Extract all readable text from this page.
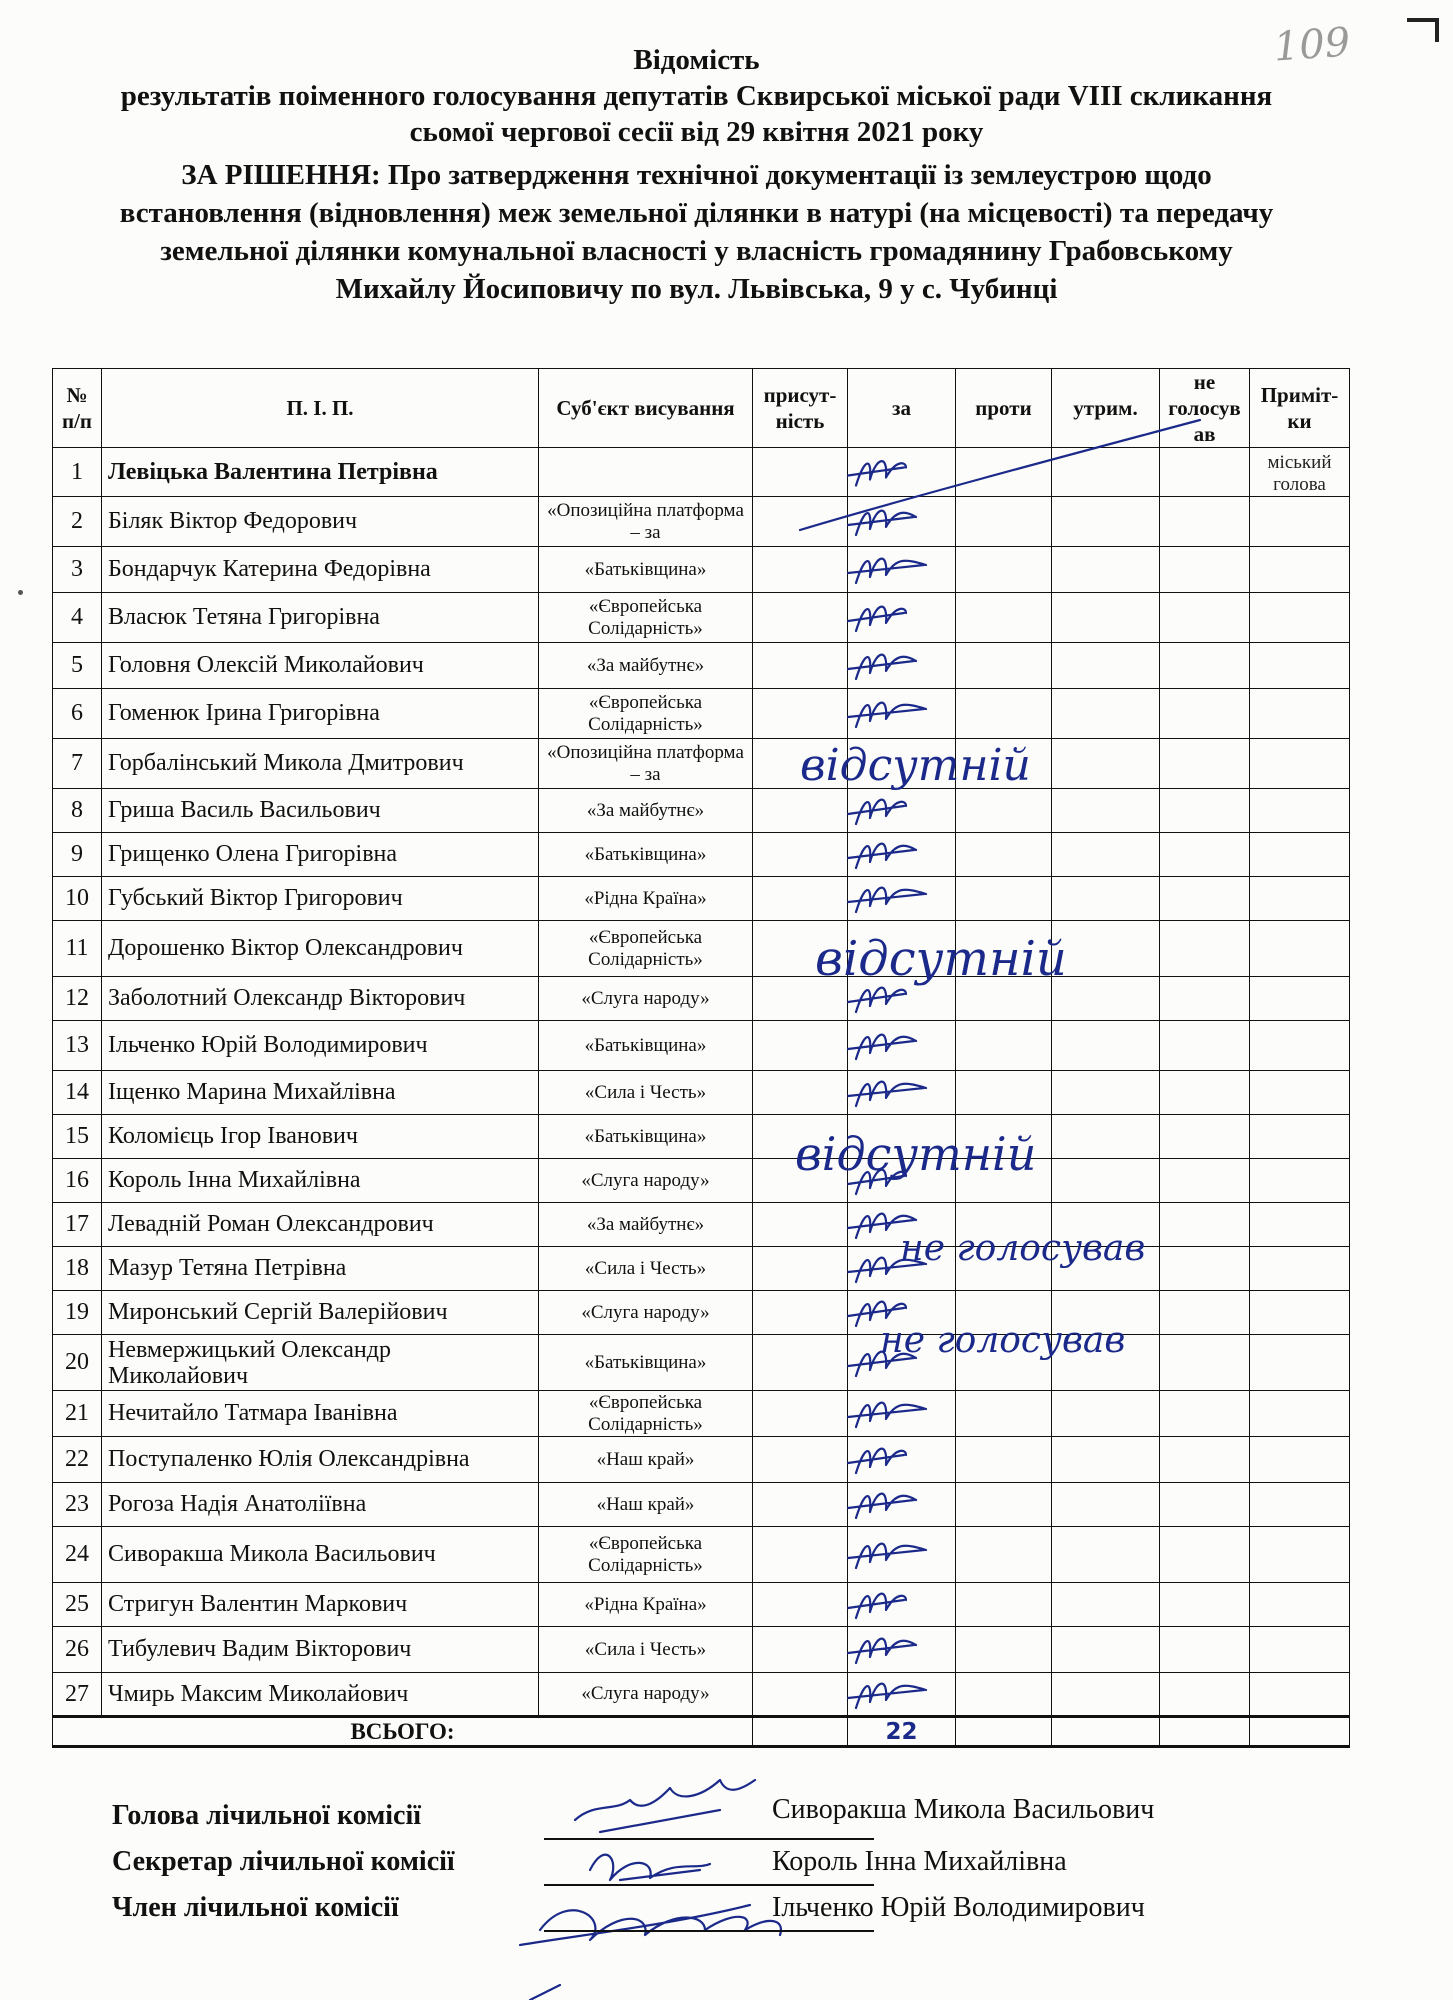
109
Відомість
результатів поіменного голосування депутатів Сквирської міської ради VIII скликання
сьомої чергової сесії від 29 квітня 2021 року
ЗА РІШЕННЯ: Про затвердження технічної документації із землеустрою щодо
встановлення (відновлення) меж земельної ділянки в натурі (на місцевості) та передачу
земельної ділянки комунальної власності у власність громадянину Грабовському
Михайлу Йосиповичу по вул. Львівська, 9 у с. Чубинці
№ п/п	П. І. П.	Суб'єкт висування	присут-ність	за	проти	утрим.	не голосув ав	Приміт-ки
1	Левіцька Валентина Петрівна							міський голова
2	Біляк Віктор Федорович	«Опозиційна платформа – за						
3	Бондарчук Катерина Федорівна	«Батьківщина»						
4	Власюк Тетяна Григорівна	«Європейська Солідарність»						
5	Головня Олексій Миколайович	«За майбутнє»						
6	Гоменюк Ірина Григорівна	«Європейська Солідарність»						
7	Горбалінський Микола Дмитрович	«Опозиційна платформа – за						
8	Гриша Василь Васильович	«За майбутнє»						
9	Грищенко Олена Григорівна	«Батьківщина»						
10	Губський Віктор Григорович	«Рідна Країна»						
11	Дорошенко Віктор Олександрович	«Європейська Солідарність»						
12	Заболотний Олександр Вікторович	«Слуга народу»						
13	Ільченко Юрій Володимирович	«Батьківщина»						
14	Іщенко Марина Михайлівна	«Сила і Честь»						
15	Коломієць Ігор Іванович	«Батьківщина»						
16	Король Інна Михайлівна	«Слуга народу»						
17	Левадній Роман Олександрович	«За майбутнє»						
18	Мазур Тетяна Петрівна	«Сила і Честь»						
19	Миронський Сергій Валерійович	«Слуга народу»						
20	Невмержицький Олександр Миколайович	«Батьківщина»						
21	Нечитайло Татмара Іванівна	«Європейська Солідарність»						
22	Поступаленко Юлія Олександрівна	«Наш край»						
23	Рогоза Надія Анатоліївна	«Наш край»						
24	Сиворакша Микола Васильович	«Європейська Солідарність»						
25	Стригун Валентин Маркович	«Рідна Країна»						
26	Тибулевич Вадим Вікторович	«Сила і Честь»						
27	Чмирь Максим Миколайович	«Слуга народу»						
ВСЬОГО:				22				
відсутній
відсутній
відсутній
не голосував
не голосував
Голова лічильної комісії	Сиворакша Микола Васильович
Секретар лічильної комісії	Король Інна Михайлівна
Член лічильної комісії	Ільченко Юрій Володимирович
